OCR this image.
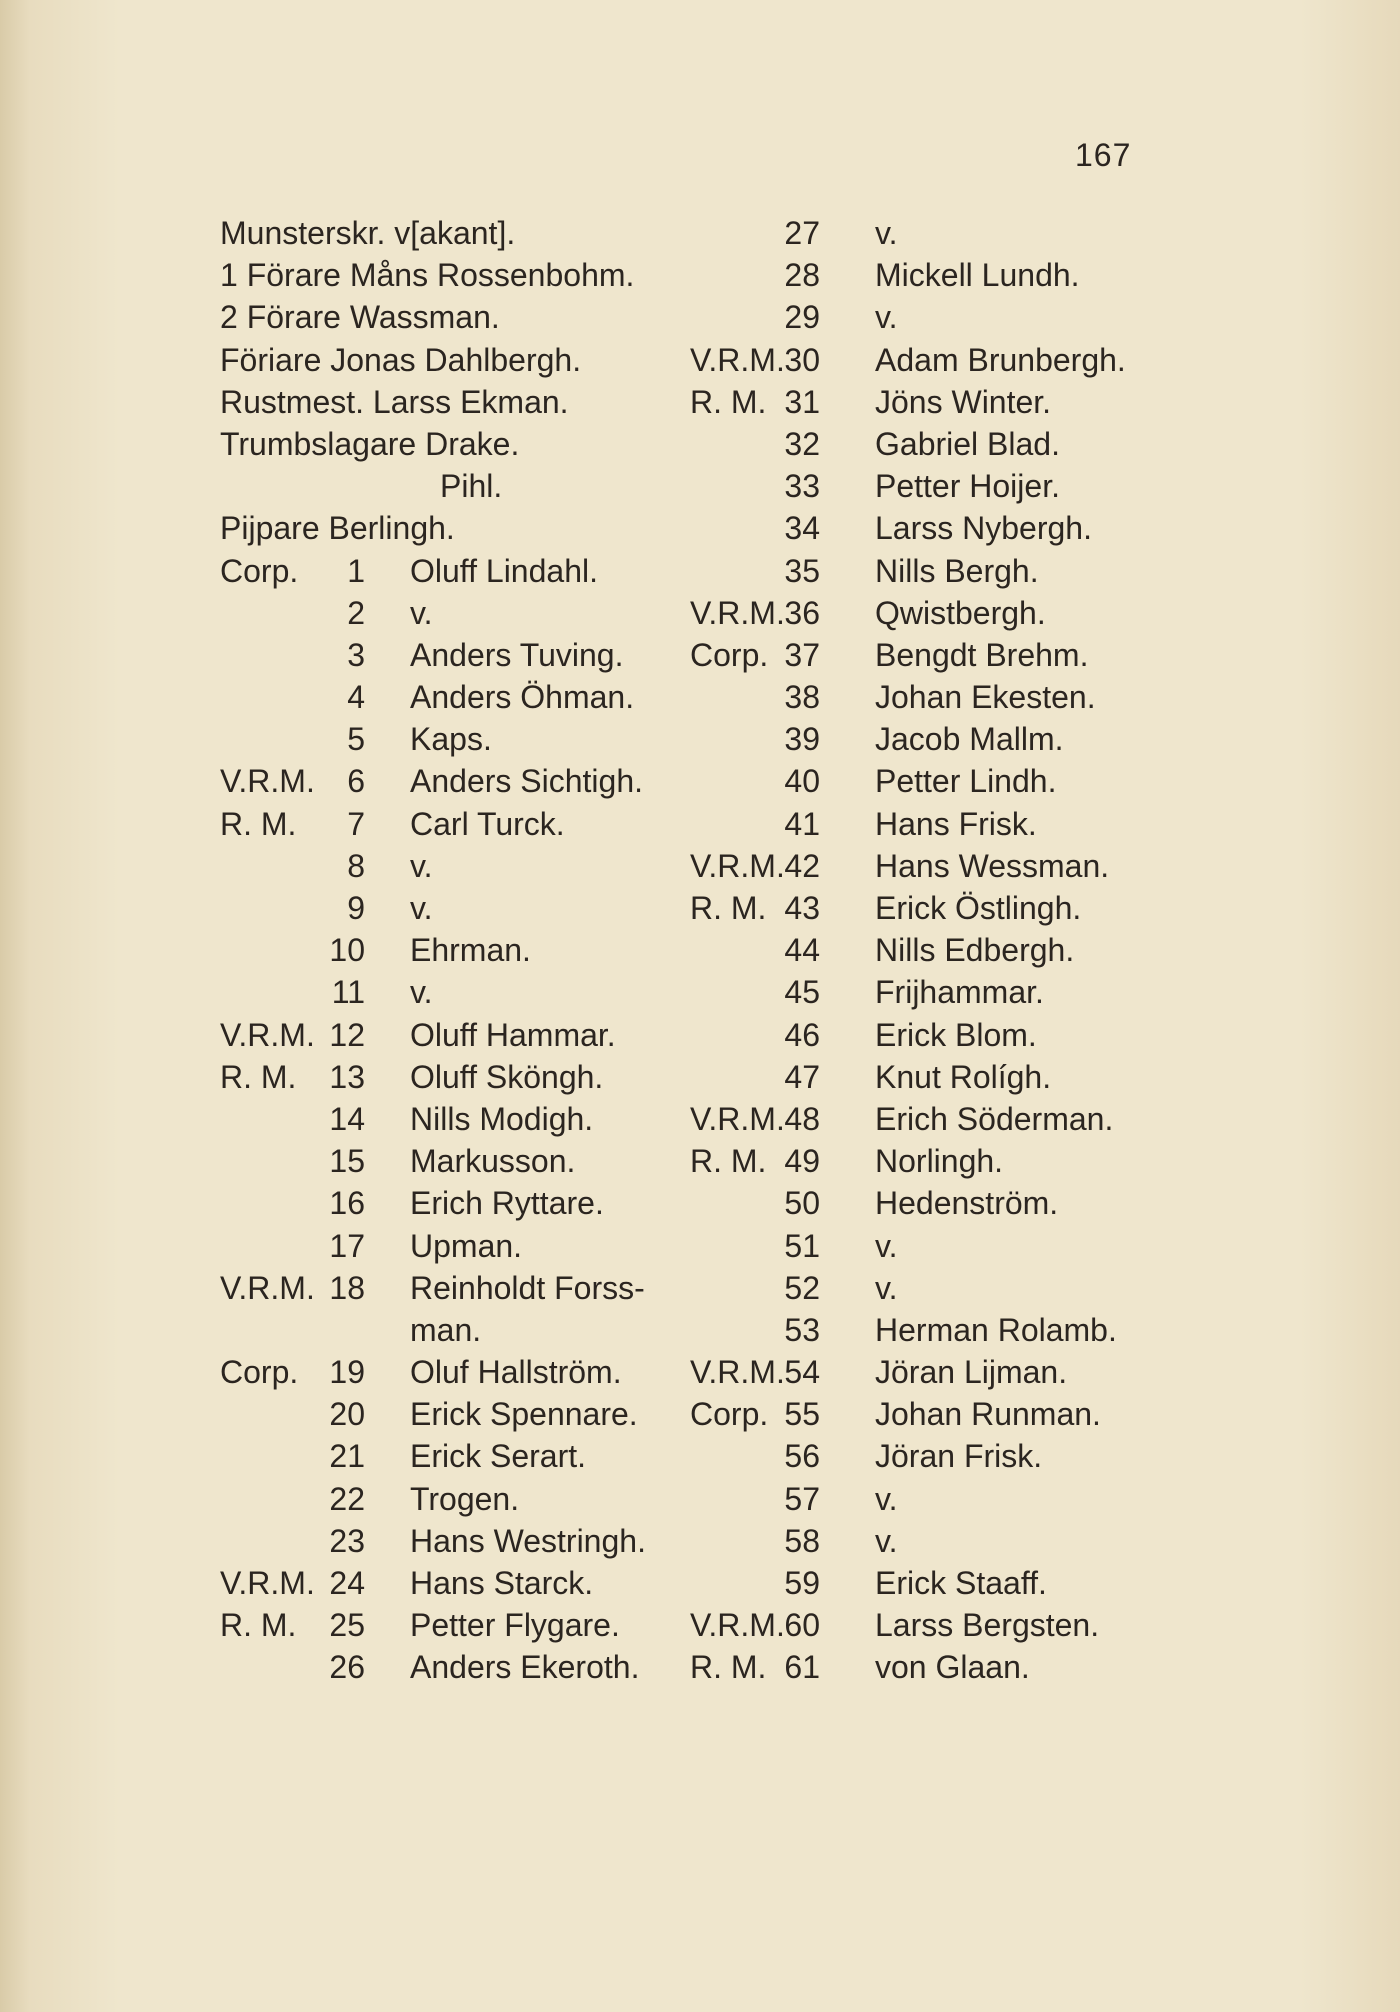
167
Munsterskr. v[akant].
1 Förare Måns Rossenbohm.
2 Förare Wassman.
Föriare Jonas Dahlbergh.
Rustmest. Larss Ekman.
Trumbslagare Drake.
Pihl.
Pijpare Berlingh.
Corp. 1 Oluff Lindahl.
2 v.
3 Anders Tuving.
4 Anders Öhman.
5 Kaps.
V.R.M. 6 Anders Sichtigh.
R. M. 7 Carl Turck.
8 v.
9 v.
10 Ehrman.
11 v.
V.R.M. 12 Oluff Hammar.
R. M. 13 Oluff Sköngh.
14 Nills Modigh.
15 Markusson.
16 Erich Ryttare.
17 Upman.
V.R.M. 18 Reinholdt Forss-
man.
Corp. 19 Oluf Hallström.
20 Erick Spennare.
21 Erick Serart.
22 Trogen.
23 Hans Westringh.
V.R.M. 24 Hans Starck.
R. M. 25 Petter Flygare.
26 Anders Ekeroth.
27 v.
28 Mickell Lundh.
29 v.
V.R.M. 30 Adam Brunbergh.
R. M. 31 Jöns Winter.
32 Gabriel Blad.
33 Petter Hoijer.
34 Larss Nybergh.
35 Nills Bergh.
V.R.M. 36 Qwistbergh.
Corp. 37 Bengdt Brehm.
38 Johan Ekesten.
39 Jacob Mallm.
40 Petter Lindh.
41 Hans Frisk.
V.R.M. 42 Hans Wessman.
R. M. 43 Erick Östlingh.
44 Nills Edbergh.
45 Frijhammar.
46 Erick Blom.
47 Knut Rolígh.
V.R.M. 48 Erich Söderman.
R. M. 49 Norlingh.
50 Hedenström.
51 v.
52 v.
53 Herman Rolamb.
V.R.M. 54 Jöran Lijman.
Corp. 55 Johan Runman.
56 Jöran Frisk.
57 v.
58 v.
59 Erick Staaff.
V.R.M. 60 Larss Bergsten.
R. M. 61 von Glaan.
